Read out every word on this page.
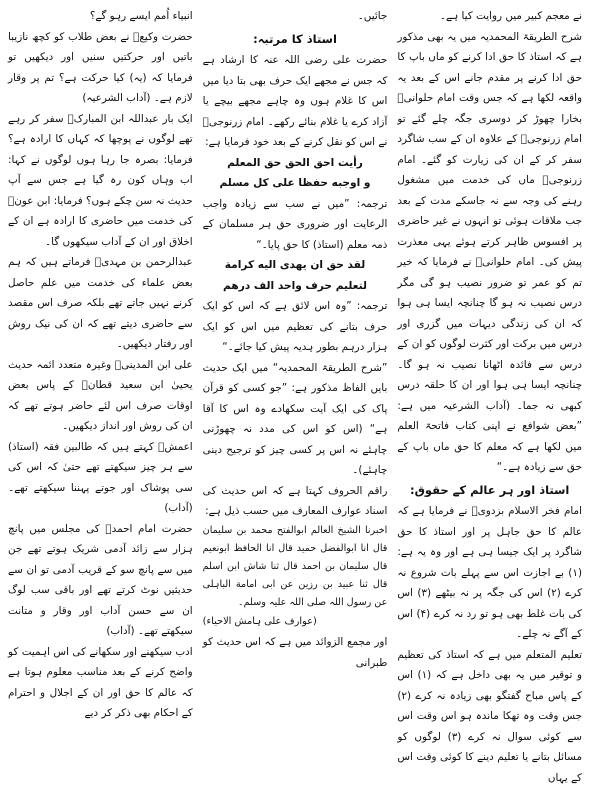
انبیاء اُمم ایسے رہو گے؟

حضرت وکیعؒ نے بعض طلاب کو کچھ نازیبا باتیں اور حرکتیں سنیں اور دیکھیں تو فرمایا کہ (یہ) کیا حرکت ہے؟ تم پر وقار لازم ہے۔ (آداب الشرعیہ)

ایک بار عبداللہ ابن المبارکؒ سفر کر رہے تھے لوگوں نے پوچھا کہ کہاں کا ارادہ ہے؟ فرمایا: بصرہ جا رہا ہوں لوگوں نے کہا: اب وہاں کون رہ گیا ہے جس سے آپ حدیث نہ سن چکے ہوں؟ فرمایا: ابن عونؒ کی خدمت میں حاضری کا ارادہ ہے ان کے اخلاق اور ان کے آداب سیکھوں گا۔

عبدالرحمن بن مہدیؒ فرماتے ہیں کہ ہم بعض علماء کی خدمت میں علم حاصل کرنے نہیں جاتے تھے بلکہ صرف اس مقصد سے حاضری دیتے تھے کہ ان کی نیک روش اور رفتار دیکھیں۔

علی ابن المدینیؒ وغیرہ متعدد ائمہ حدیث یحییٰ ابن سعید قطانؒ کے پاس بعض اوقات صرف اس لئے حاضر ہوتے تھے کہ ان کی روش اور انداز دیکھیں۔

اعمشؒ کہتے ہیں کہ طالبین فقہ (استاذ) سے ہر چیز سیکھتے تھے حتیٰ کہ اس کی سی پوشاک اور جوتے پہننا سیکھتے تھے۔ (آداب)

حضرت امام احمدؒ کی مجلس میں پانچ ہزار سے زائد آدمی شریک ہوتے تھے جن میں سے پانچ سو کے قریب آدمی تو ان سے حدیثیں نوٹ کرتے تھے اور باقی سب لوگ ان سے حسن آداب اور وقار و متانت سیکھتے تھے۔ (آداب)

ادب سیکھنے اور سکھانے کی اس اہمیت کو واضح کرنے کے بعد مناسب معلوم ہوتا ہے کہ عالم کا حق اور ان کے اجلال و احترام کے احکام بھی ذکر کر دیے

جائیں۔

استاذ کا مرتبہ:

حضرت علی رضی اللہ عنہ کا ارشاد ہے کہ جس نے مجھے ایک حرف بھی بتا دیا میں اس کا غلام ہوں وہ چاہے مجھے بیچے یا آزاد کرے یا غلام بنائے رکھے۔ امام زرنوجیؒ نے اس کو نقل کرنے کے بعد خود فرمایا ہے:

رأیت احق الحق حق المعلم

و اوجبه حفظا على كل مسلم

ترجمہ: ”میں نے سب سے زیادہ واجب الرعایت اور ضروری حق ہر مسلمان کے ذمہ معلم (استاذ) کا حق پایا۔“

لقد حق ان يهدى اليه كرامة

لتعليم حرف واحد الف درهم

ترجمہ: ”وہ اس لائق ہے کہ اس کو ایک حرف بتانے کی تعظیم میں اس کو ایک ہزار درہم بطور ہدیہ پیش کیا جائے۔“

”شرح الطریقۃ المحمدیہ“ میں ایک حدیث بایں الفاظ مذکور ہے: ”جو کسی کو قرآن پاک کی ایک آیت سکھادے وہ اس کا آقا ہے“ (اس کو اس کی مدد نہ چھوڑنی چاہئے نہ اس پر کسی چیز کو ترجیح دینی چاہئے)۔

راقم الحروف کہتا ہے کہ اس حدیث کی اسناد عوارف المعارف میں حسب ذیل ہے:

اخبرنا الشیخ العالم ابوالفتح محمد بن سلیمان قال انا ابوالفضل حمید قال انا الحافظ ابونعیم قال سلیمان بن احمد قال ثنا شاش ابن اسلم قال ثنا عبید بن رزین عن ابی امامة الباہلی عن رسول اللہ صلی اللہ علیہ وسلم۔

(عوارف علی ہامش الاحیاء)

اور مجمع الزوائد میں ہے کہ اس حدیث کو طبرانی

نے معجم کبیر میں روایت کیا ہے۔

شرح الطریقۃ المحمدیہ میں یہ بھی مذکور ہے کہ استاذ کا حق ادا کرنے کو ماں باپ کا حق ادا کرنے پر مقدم جانے اس کے بعد یہ واقعہ لکھا ہے کہ جس وقت امام حلوانیؒ بخارا چھوڑ کر دوسری جگہ چلے گئے تو امام زرنوجیؒ کے علاوہ ان کے سب شاگرد سفر کر کے ان کی زیارت کو گئے۔ امام زرنوجیؒ ماں کی خدمت میں مشغول رہنے کی وجہ سے نہ جاسکے مدت کے بعد جب ملاقات ہوئی تو انہوں نے غیر حاضری پر افسوس ظاہر کرتے ہوئے یہی معذرت پیش کی۔ امام حلوانیؒ نے فرمایا کہ خیر تم کو عمر تو ضرور نصیب ہو گی مگر درس نصیب نہ ہو گا چنانچہ ایسا ہی ہوا کہ ان کی زندگی دیہات میں گزری اور درس میں برکت اور کثرت لوگوں کو ان کے درس سے فائدہ اٹھانا نصیب نہ ہو گا۔ چنانچہ ایسا ہی ہوا اور ان کا حلقہ درس کبھی نہ جما۔ (آداب الشرعیہ میں ہے: ”بعض شوافع نے اپنی کتاب فاتحۃ العلم میں لکھا ہے کہ معلم کا حق ماں باپ کے حق سے زیادہ ہے۔“

استاذ اور ہر عالم کے حقوق:

امام فخر الاسلام بزدویؒ نے فرمایا ہے کہ عالم کا حق جاہل پر اور استاذ کا حق شاگرد پر ایک جیسا ہی ہے اور وہ یہ ہے: (۱) بے اجازت اس سے پہلے بات شروع نہ کرے (۲) اس کی جگہ پر نہ بیٹھے (۳) اس کی بات غلط بھی ہو تو رد نہ کرے (۴) اس کے آگے نہ چلے۔

تعلیم المتعلم میں ہے کہ استاذ کی تعظیم و توقیر میں یہ بھی داخل ہے کہ (۱) اس کے پاس مباح گفتگو بھی زیادہ نہ کرے (۲) جس وقت وہ تھکا ماندہ ہو اس وقت اس سے کوئی سوال نہ کرے (۳) لوگوں کو مسائل بتانے یا تعلیم دینے کا کوئی وقت اس کے یہاں
